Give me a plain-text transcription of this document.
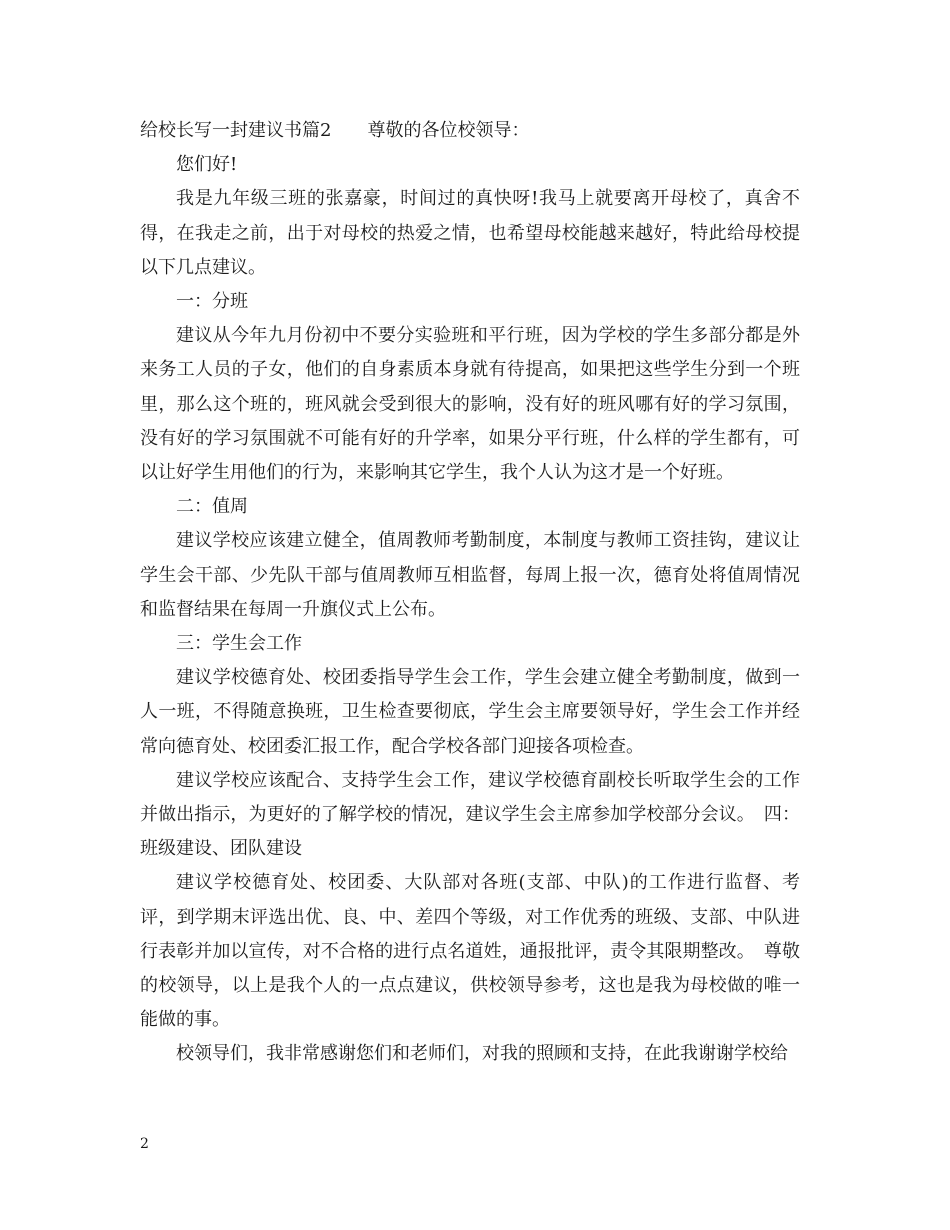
给校长写一封建议书篇2　　尊敬的各位校领导：

您们好!

我是九年级三班的张嘉豪，时间过的真快呀!我马上就要离开母校了，真舍不得，在我走之前，出于对母校的热爱之情，也希望母校能越来越好，特此给母校提以下几点建议。

一：分班

建议从今年九月份初中不要分实验班和平行班，因为学校的学生多部分都是外来务工人员的子女，他们的自身素质本身就有待提高，如果把这些学生分到一个班里，那么这个班的，班风就会受到很大的影响，没有好的班风哪有好的学习氛围，没有好的学习氛围就不可能有好的升学率，如果分平行班，什么样的学生都有，可以让好学生用他们的行为，来影响其它学生，我个人认为这才是一个好班。

二：值周

建议学校应该建立健全，值周教师考勤制度，本制度与教师工资挂钩，建议让学生会干部、少先队干部与值周教师互相监督，每周上报一次，德育处将值周情况和监督结果在每周一升旗仪式上公布。

三：学生会工作

建议学校德育处、校团委指导学生会工作，学生会建立健全考勤制度，做到一人一班，不得随意换班，卫生检查要彻底，学生会主席要领导好，学生会工作并经常向德育处、校团委汇报工作，配合学校各部门迎接各项检查。

建议学校应该配合、支持学生会工作，建议学校德育副校长听取学生会的工作并做出指示，为更好的了解学校的情况，建议学生会主席参加学校部分会议。　四：班级建设、团队建设

建议学校德育处、校团委、大队部对各班(支部、中队)的工作进行监督、考评，到学期末评选出优、良、中、差四个等级，对工作优秀的班级、支部、中队进行表彰并加以宣传，对不合格的进行点名道姓，通报批评，责令其限期整改。　尊敬的校领导，以上是我个人的一点点建议，供校领导参考，这也是我为母校做的唯一能做的事。

校领导们，我非常感谢您们和老师们，对我的照顾和支持，在此我谢谢学校给

2
